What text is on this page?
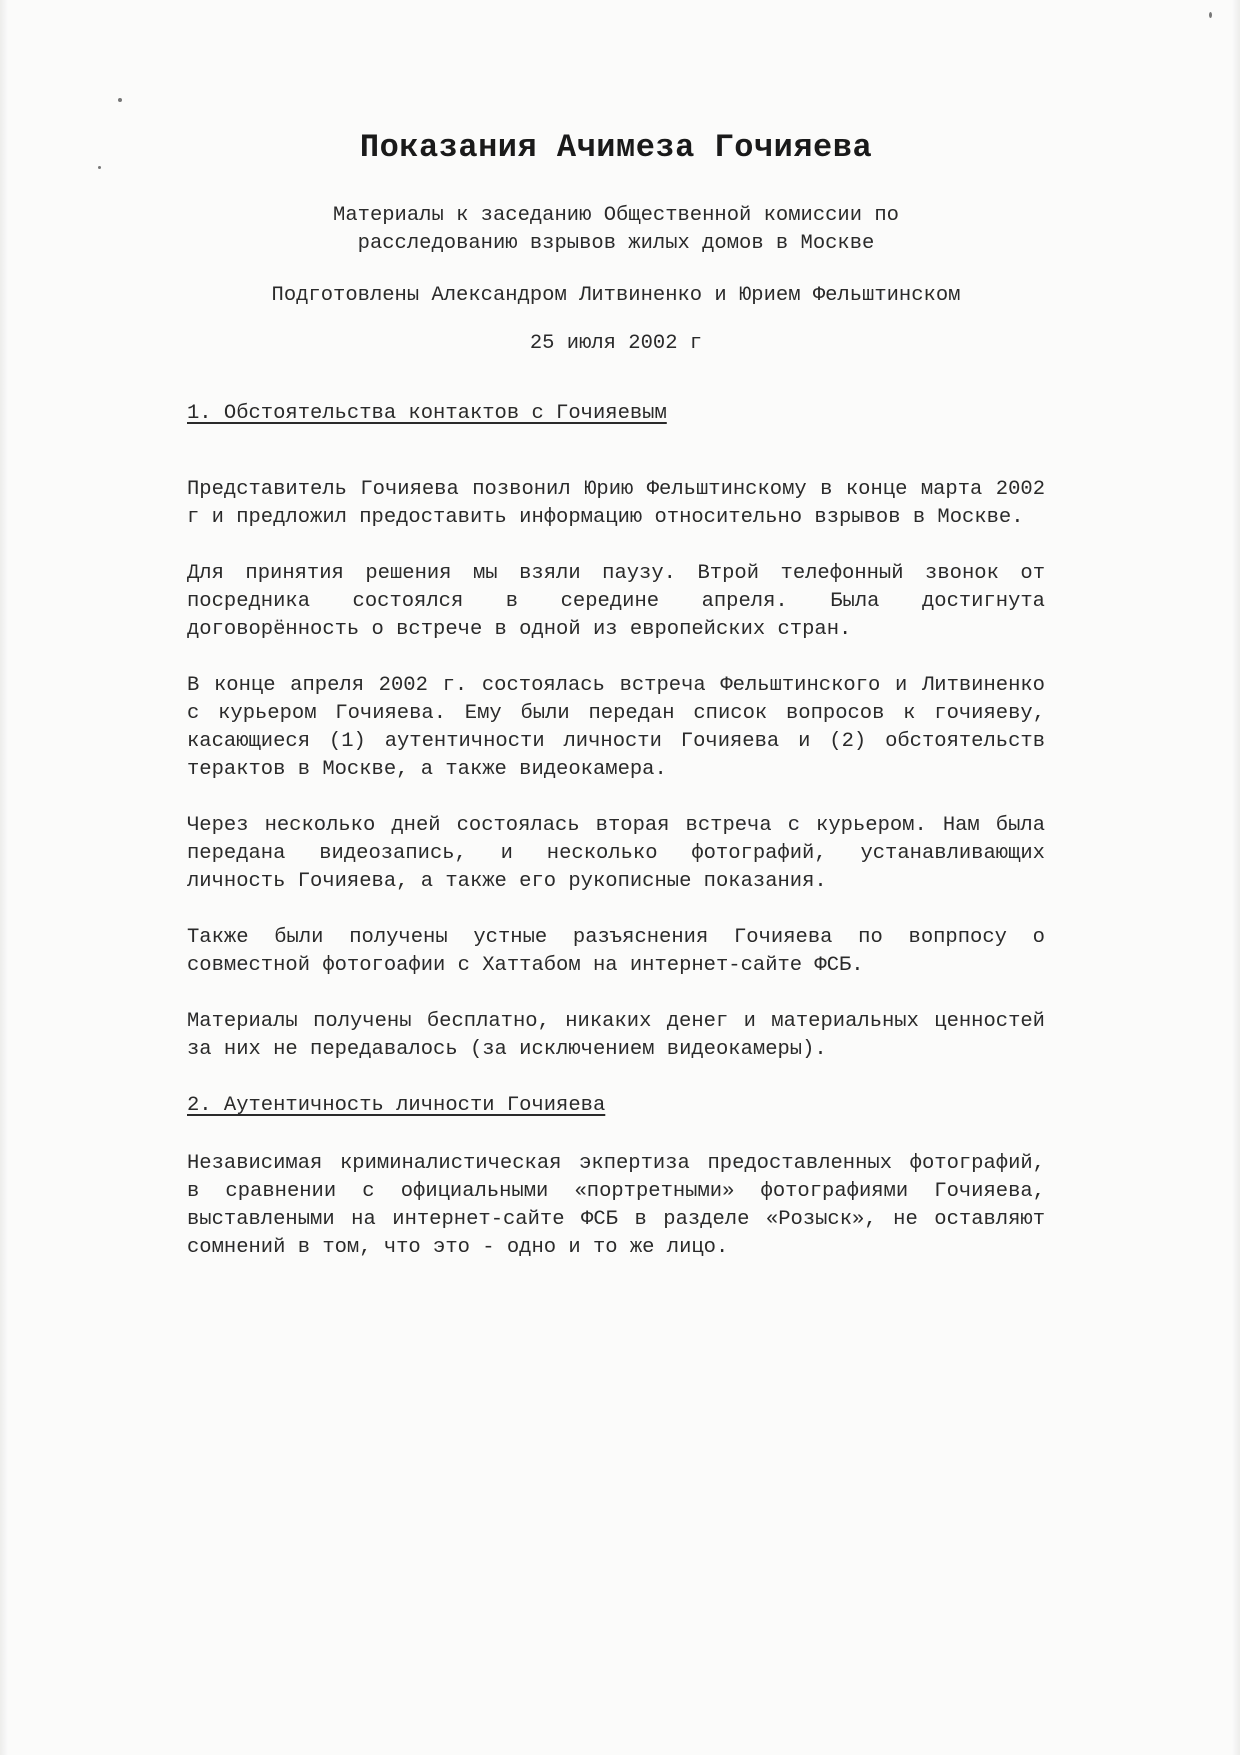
Показания Ачимеза Гочияева
Материалы к заседанию Общественной комиссии по
расследованию взрывов жилых домов в Москве
Подготовлены Александром Литвиненко и Юрием Фельштинском
25 июля 2002 г
1. Обстоятельства контактов с Гочияевым

Представитель Гочияева позвонил Юрию Фельштинскому в конце марта 2002 г и предложил предоставить информацию относительно взрывов в Москве.

Для принятия решения мы взяли паузу. Втрой телефонный звонок от посредника состоялся в середине апреля. Была достигнута договорённость о встрече в одной из европейских стран.

В конце апреля 2002 г. состоялась встреча Фельштинского и Литвиненко с курьером Гочияева. Ему были передан список вопросов к гочияеву, касающиеся (1) аутентичности личности Гочияева и (2) обстоятельств терактов в Москве, а также видеокамера.

Через несколько дней состоялась вторая встреча с курьером. Нам была передана видеозапись, и несколько фотографий, устанавливающих личность Гочияева, а также его рукописные показания.

Также были получены устные разъяснения Гочияева по вопрпосу о совместной фотогоафии с Хаттабом на интернет-сайте ФСБ.

Материалы получены бесплатно, никаких денег и материальных ценностей за них не передавалось (за исключением видеокамеры).

2. Аутентичность личности Гочияева

Независимая криминалистическая экпертиза предоставленных фотографий, в сравнении с официальными «портретными» фотографиями Гочияева, выставлеными на интернет-сайте ФСБ в разделе «Розыск», не оставляют сомнений в том, что это - одно и то же лицо.
